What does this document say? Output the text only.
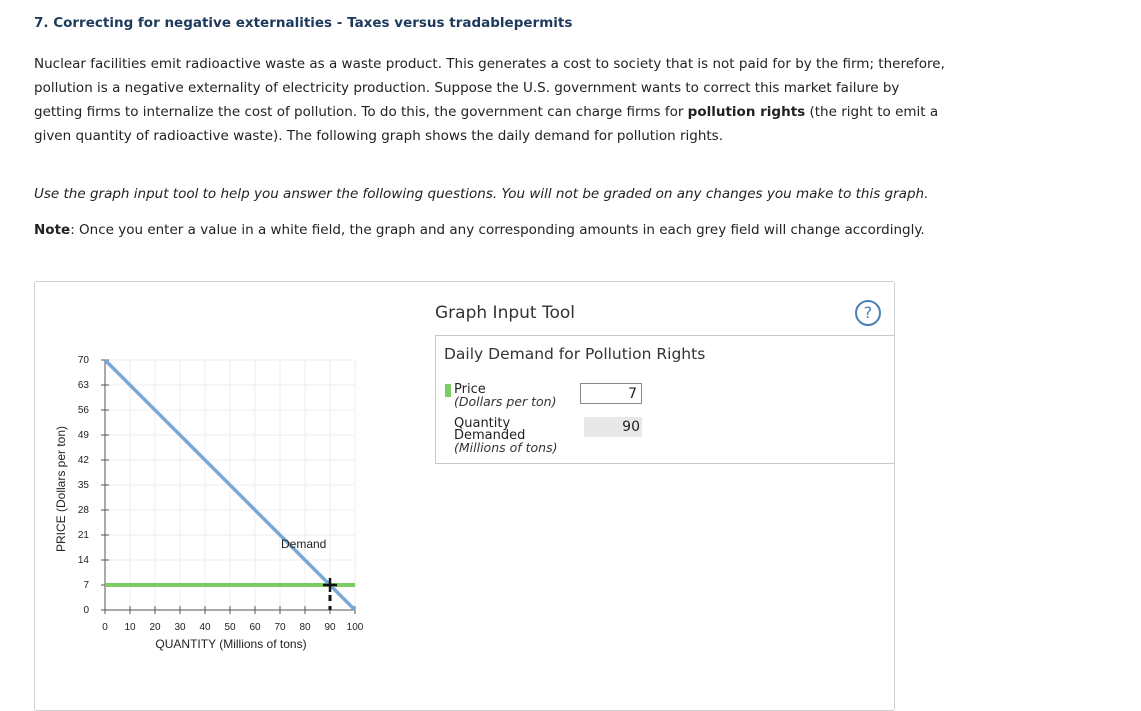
7. Correcting for negative externalities - Taxes versus tradablepermits

Nuclear facilities emit radioactive waste as a waste product. This generates a cost to society that is not paid for by the firm; therefore, pollution is a negative externality of electricity production. Suppose the U.S. government wants to correct this market failure by getting firms to internalize the cost of pollution. To do this, the government can charge firms for pollution rights (the right to emit a given quantity of radioactive waste). The following graph shows the daily demand for pollution rights.

Use the graph input tool to help you answer the following questions. You will not be graded on any changes you make to this graph.

Note: Once you enter a value in a white field, the graph and any corresponding amounts in each grey field will change accordingly.

0
7
14
21
28
35
42
49
56
63
70
0 10 20 30 40 50 60 70 80 90 100
Demand
PRICE (Dollars per ton)
QUANTITY (Millions of tons)
Graph Input Tool	?
Daily Demand for Pollution Rights
Price
(Dollars per ton)
7
Quantity
Demanded
(Millions of tons)
90
